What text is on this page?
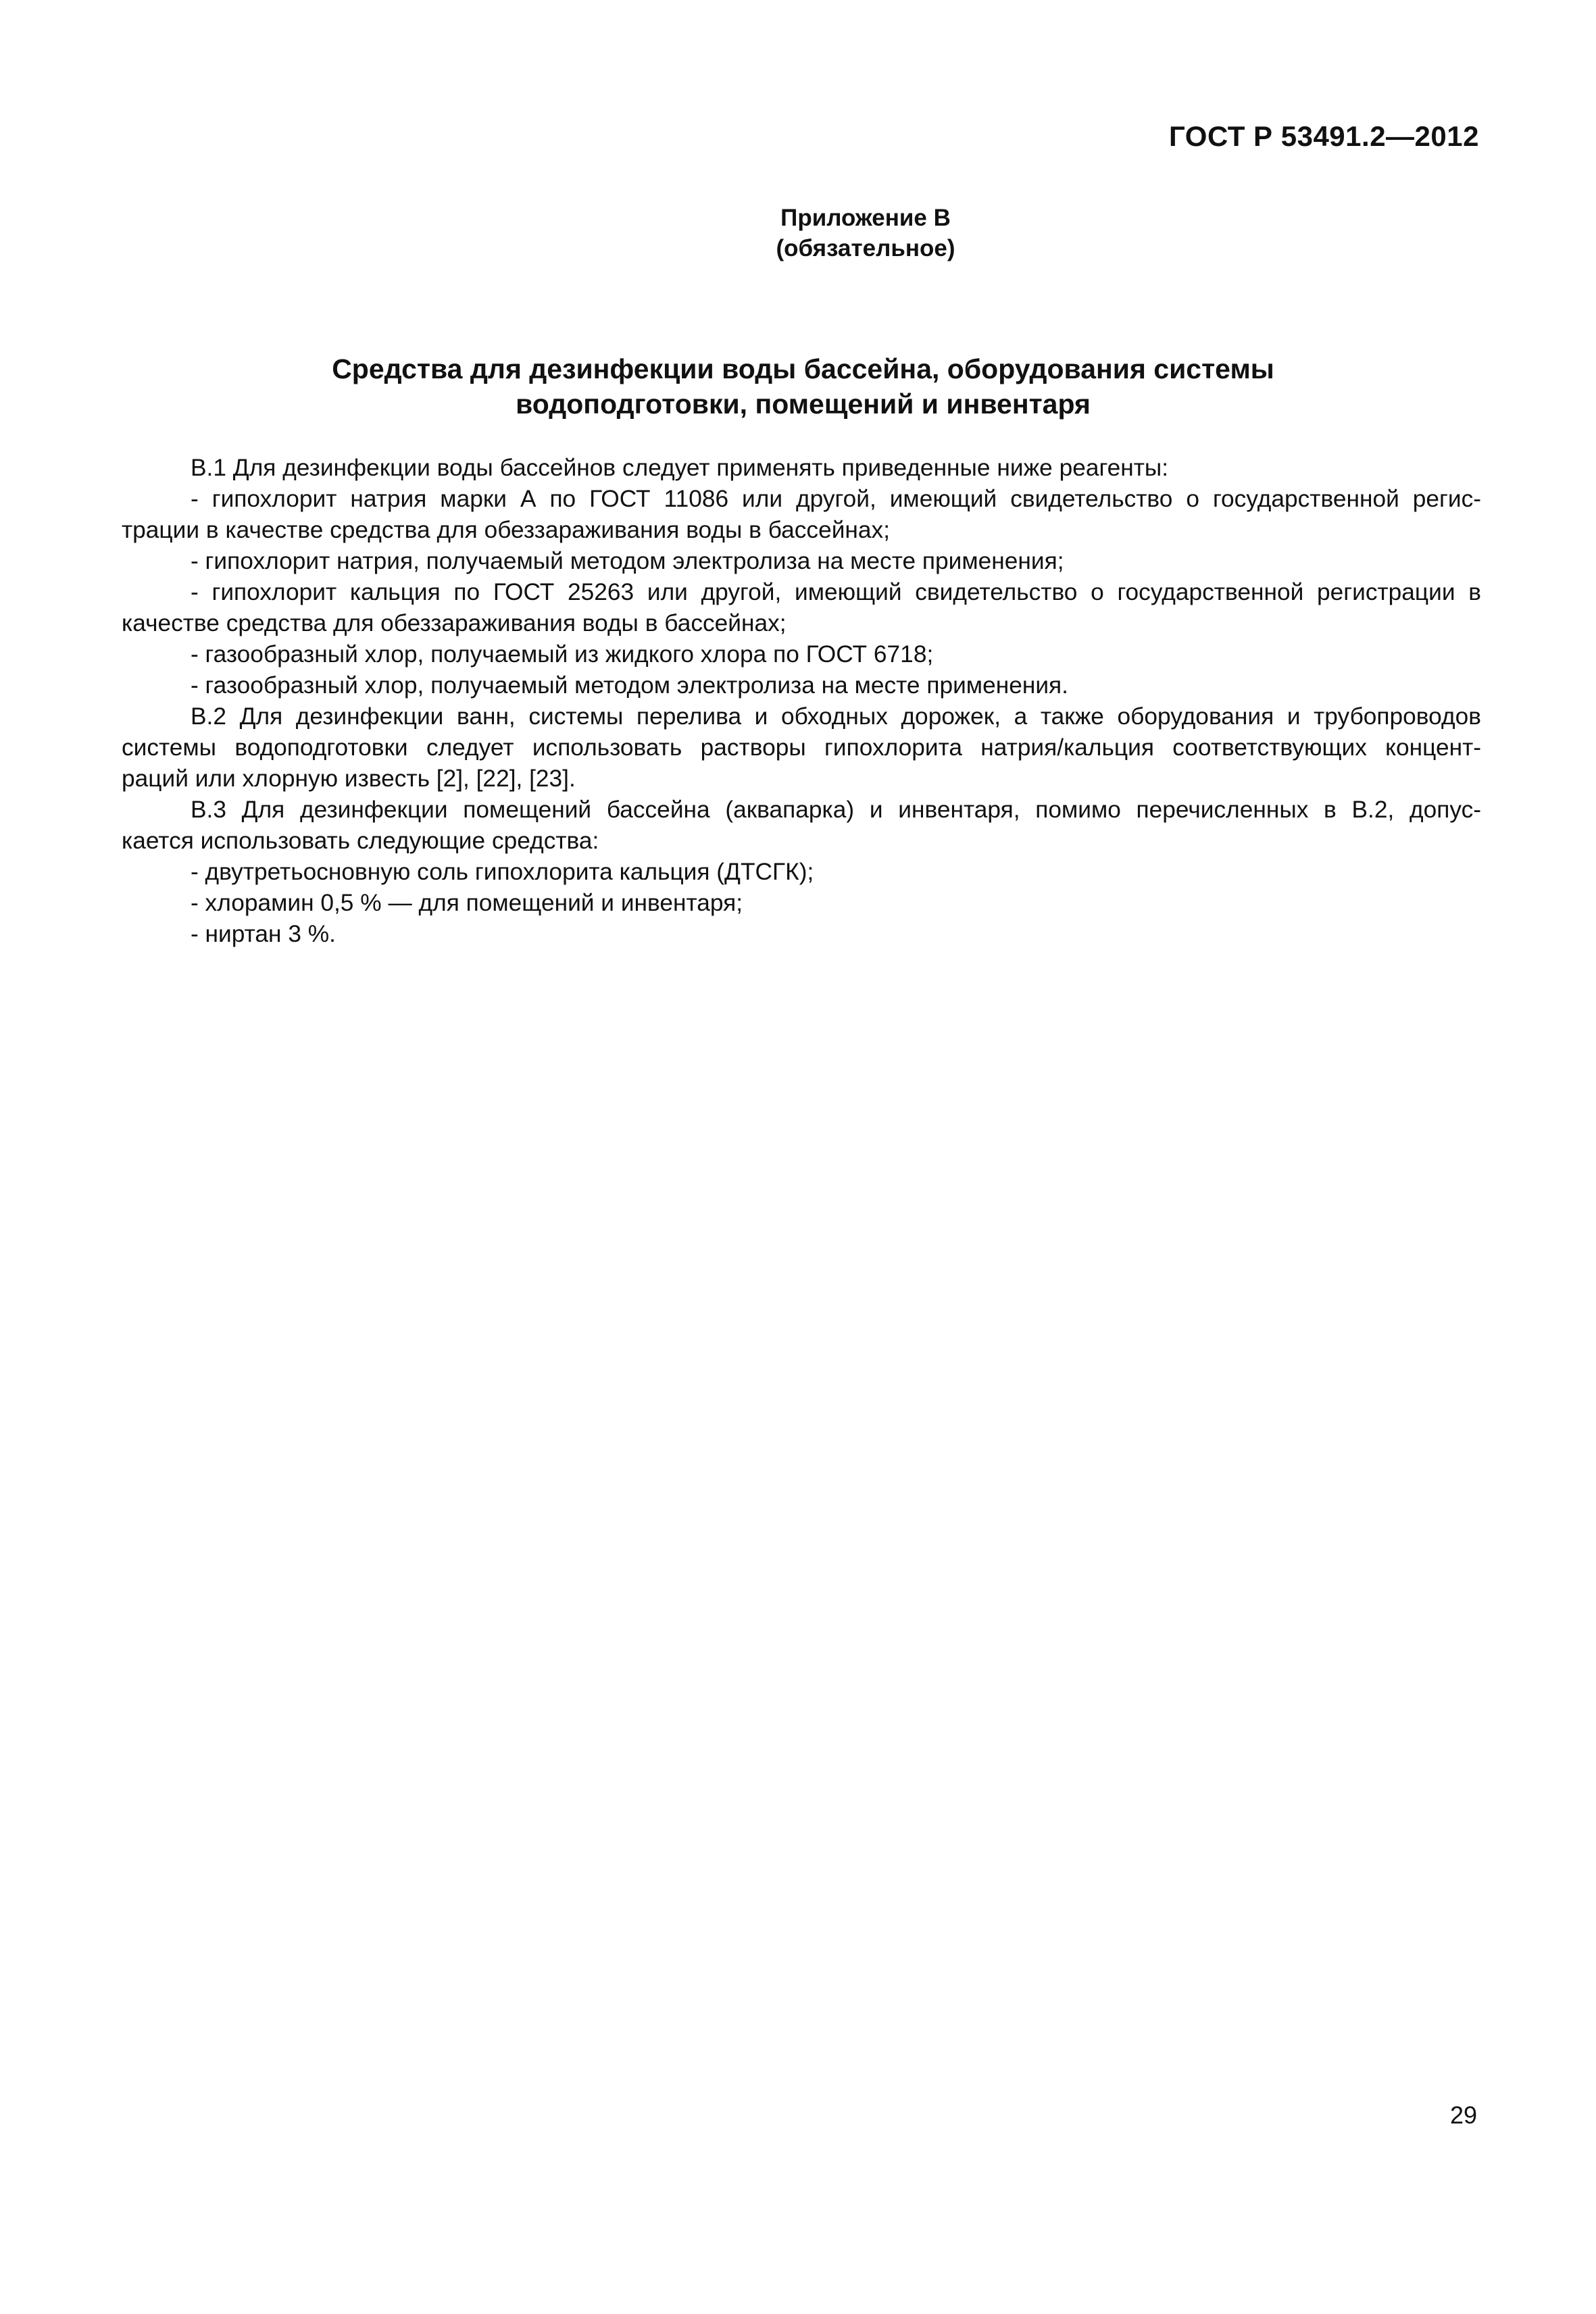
ГОСТ Р 53491.2—2012
Приложение В
(обязательное)
Средства для дезинфекции воды бассейна, оборудования системы
водоподготовки, помещений и инвентаря
В.1 Для дезинфекции воды бассейнов следует применять приведенные ниже реагенты:
- гипохлорит натрия марки А по ГОСТ 11086 или другой, имеющий свидетельство о государственной регис-
трации в качестве средства для обеззараживания воды в бассейнах;
- гипохлорит натрия, получаемый методом электролиза на месте применения;
- гипохлорит кальция по ГОСТ 25263 или другой, имеющий свидетельство о государственной регистрации в
качестве средства для обеззараживания воды в бассейнах;
- газообразный хлор, получаемый из жидкого хлора по ГОСТ 6718;
- газообразный хлор, получаемый методом электролиза на месте применения.
В.2 Для дезинфекции ванн, системы перелива и обходных дорожек, а также оборудования и трубопроводов
системы водоподготовки следует использовать растворы гипохлорита натрия/кальция соответствующих концент-
раций или хлорную известь [2], [22], [23].
В.3 Для дезинфекции помещений бассейна (аквапарка) и инвентаря, помимо перечисленных в В.2, допус-
кается использовать следующие средства:
- двутретьосновную соль гипохлорита кальция (ДТСГК);
- хлорамин 0,5 % — для помещений и инвентаря;
- ниртан 3 %.
29
